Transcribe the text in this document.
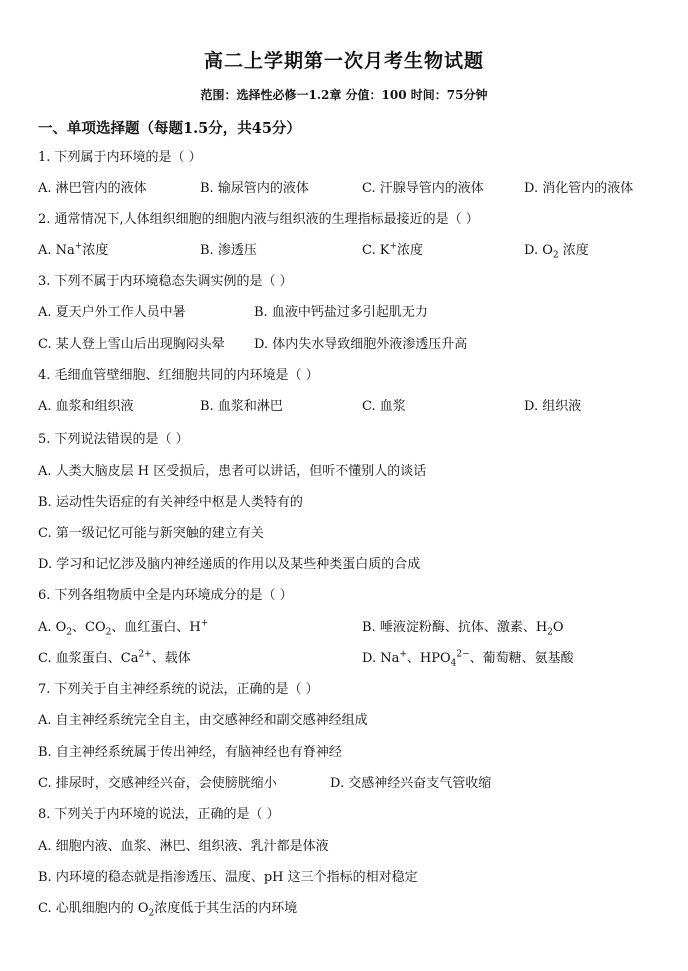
高二上学期第一次月考生物试题
范围：选择性必修一1.2章 分值：100 时间：75分钟
一、单项选择题（每题1.5分，共45分）
1. 下列属于内环境的是（ ）
A. 淋巴管内的液体	B. 输尿管内的液体	C. 汗腺导管内的液体	D. 消化管内的液体
2. 通常情况下,人体组织细胞的细胞内液与组织液的生理指标最接近的是（ ）
A. Na+浓度	B. 渗透压	C. K+浓度	D. $O_2$ 浓度
3. 下列不属于内环境稳态失调实例的是（ ）
A. 夏天户外工作人员中暑	B. 血液中钙盐过多引起肌无力
C. 某人登上雪山后出现胸闷头晕 D. 体内失水导致细胞外液渗透压升高
4. 毛细血管壁细胞、红细胞共同的内环境是（ ）
A. 血浆和组织液	B. 血浆和淋巴	C. 血浆	D. 组织液
5. 下列说法错误的是（ ）
A. 人类大脑皮层 H 区受损后，患者可以讲话，但听不懂别人的谈话
B. 运动性失语症的有关神经中枢是人类特有的
C. 第一级记忆可能与新突触的建立有关
D. 学习和记忆涉及脑内神经递质的作用以及某些种类蛋白质的合成
6. 下列各组物质中全是内环境成分的是（ ）
A. $O_2$、$CO_2$、血红蛋白、H+	B. 唾液淀粉酶、抗体、激素、$H_2O$
C. 血浆蛋白、$Ca^{2+}$、载体	D. Na+、$HPO_4^{2-}$、葡萄糖、氨基酸
7. 下列关于自主神经系统的说法，正确的是（ ）
A. 自主神经系统完全自主，由交感神经和副交感神经组成
B. 自主神经系统属于传出神经，有脑神经也有脊神经
C. 排尿时，交感神经兴奋，会使膀胱缩小	D. 交感神经兴奋支气管收缩
8. 下列关于内环境的说法，正确的是（ ）
A. 细胞内液、血浆、淋巴、组织液、乳汁都是体液
B. 内环境的稳态就是指渗透压、温度、pH 这三个指标的相对稳定
C. 心肌细胞内的 $O_2$浓度低于其生活的内环境
